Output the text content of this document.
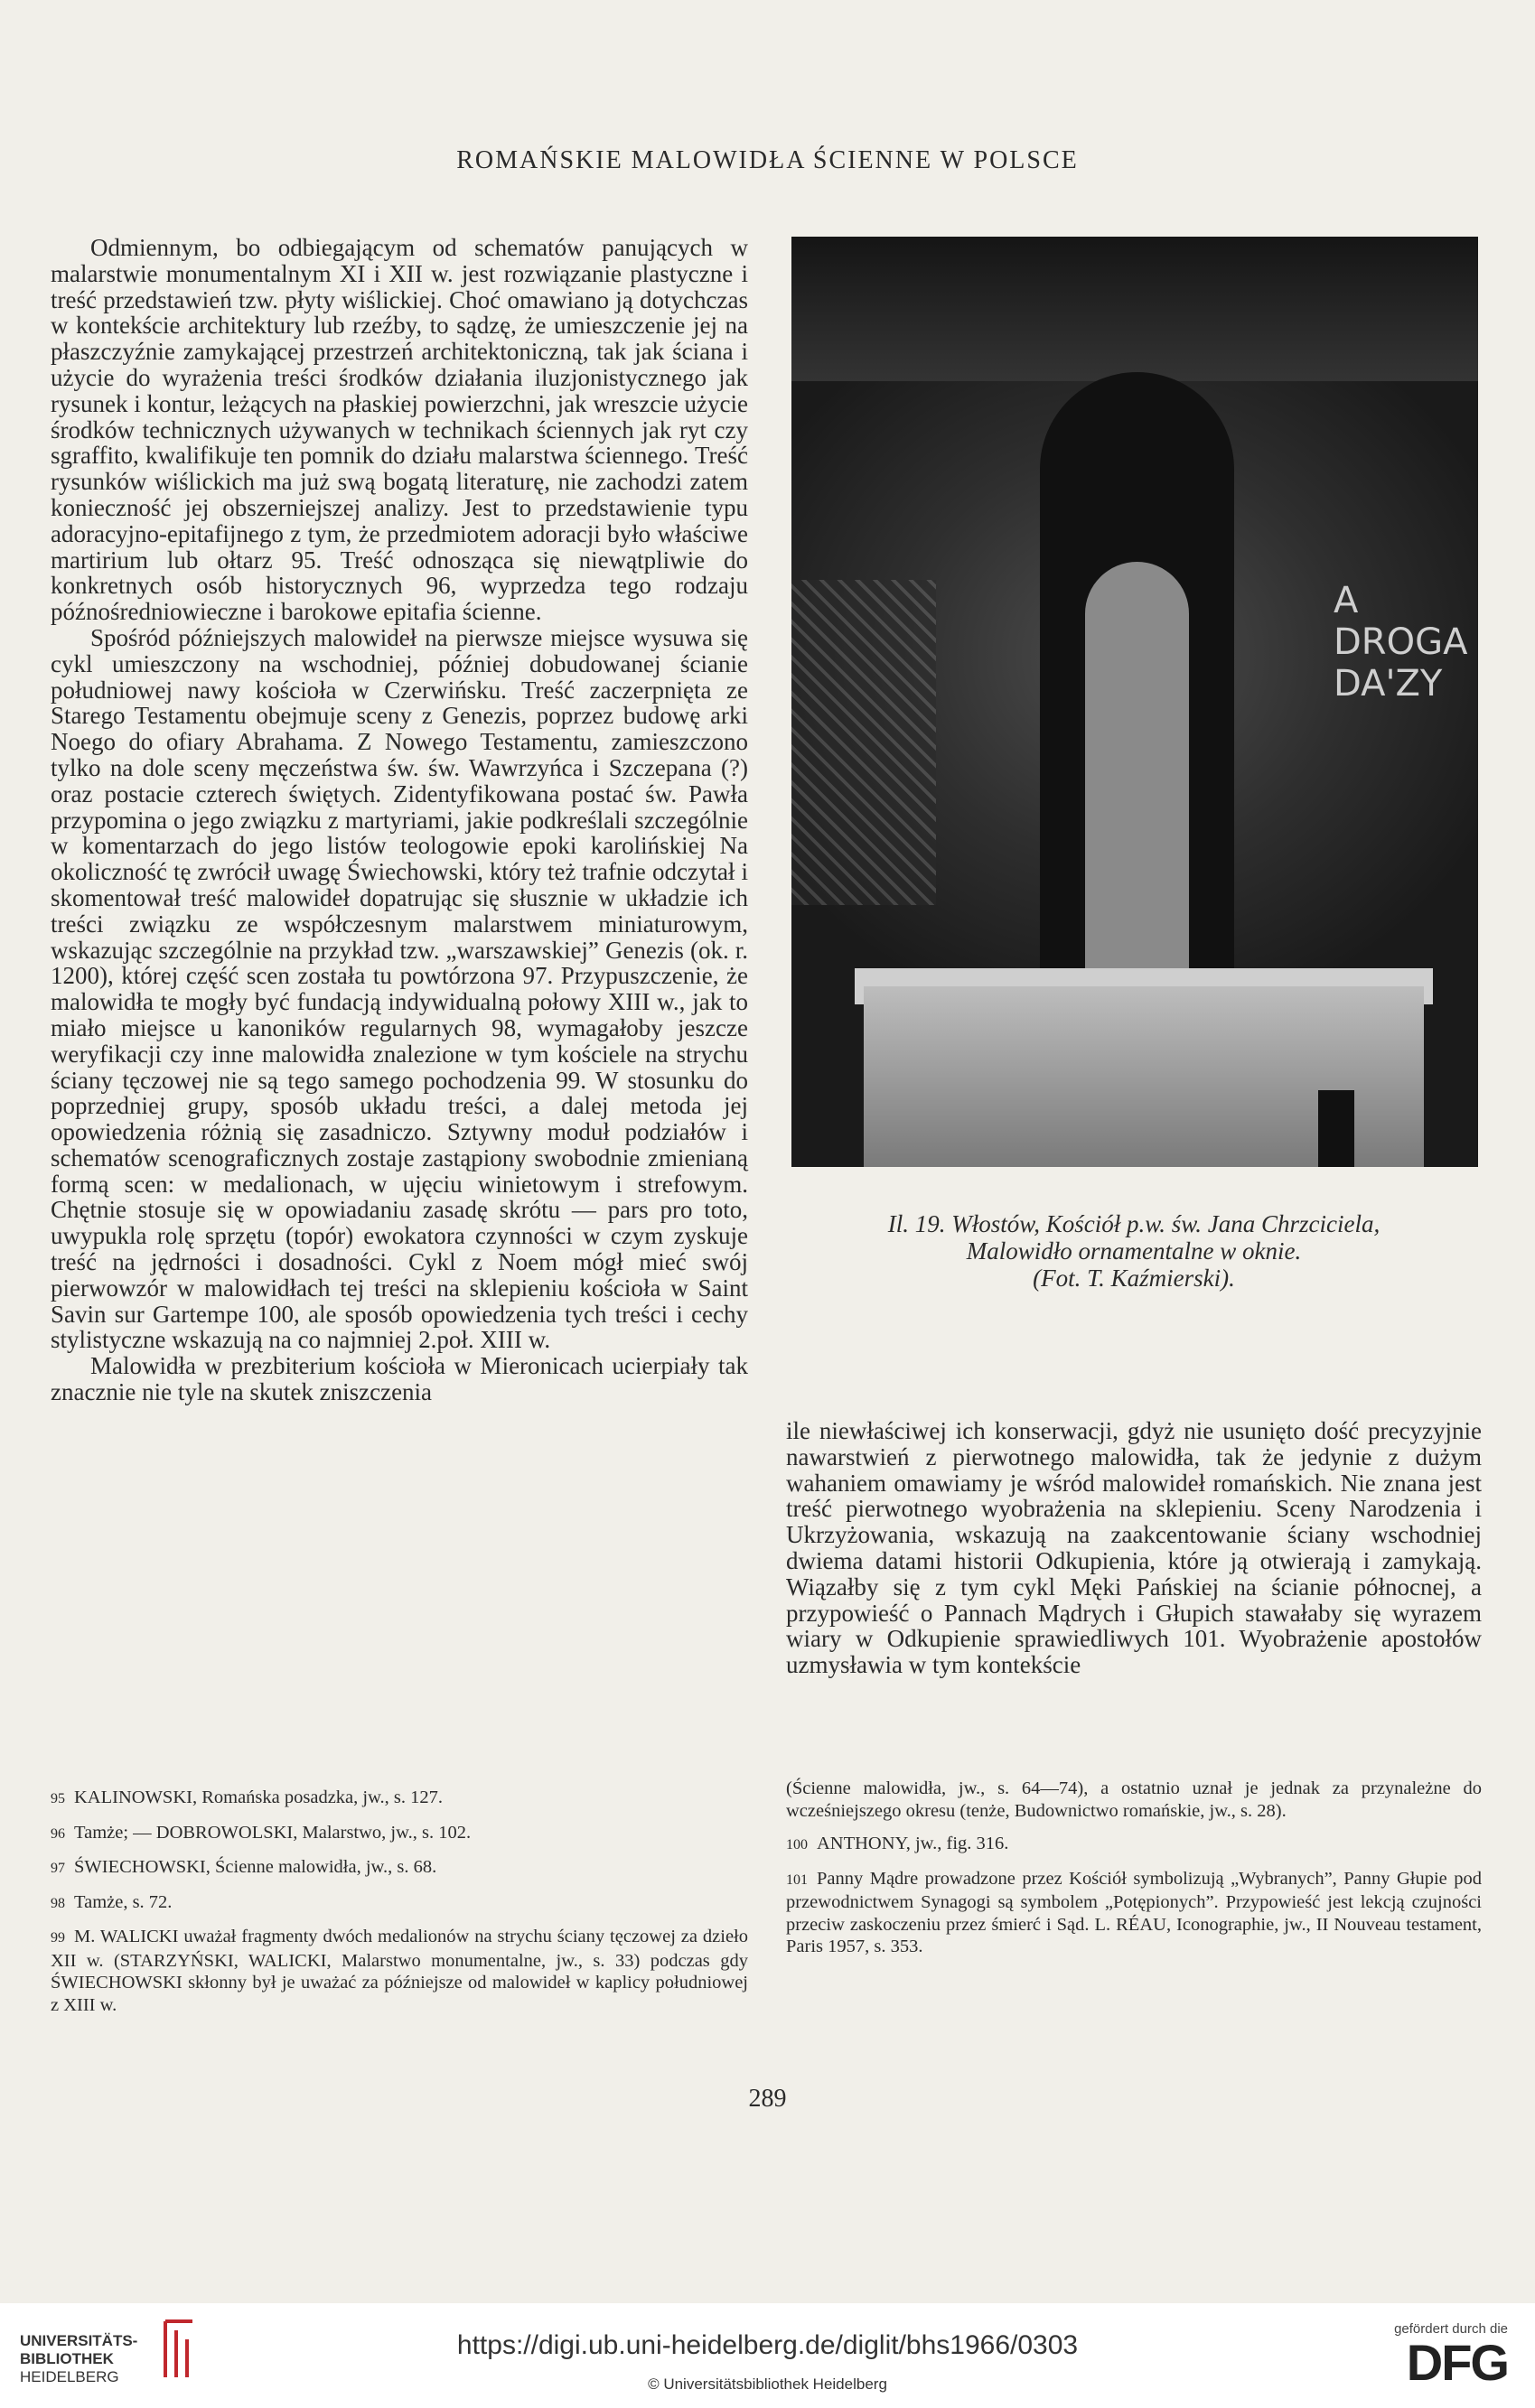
ROMAŃSKIE MALOWIDŁA ŚCIENNE W POLSCE

Odmiennym, bo odbiegającym od schematów panujących w malarstwie monumentalnym XI i XII w. jest rozwiązanie plastyczne i treść przedstawień tzw. płyty wiślickiej. Choć omawiano ją dotychczas w kontekście architektury lub rzeźby, to sądzę, że umieszczenie jej na płaszczyźnie zamykającej przestrzeń architektoniczną, tak jak ściana i użycie do wyrażenia treści środków działania iluzjonistycznego jak rysunek i kontur, leżących na płaskiej powierzchni, jak wreszcie użycie środków technicznych używanych w technikach ściennych jak ryt czy sgraffito, kwalifikuje ten pomnik do działu malarstwa ściennego. Treść rysunków wiślickich ma już swą bogatą literaturę, nie zachodzi zatem konieczność jej obszerniejszej analizy. Jest to przedstawienie typu adoracyjno-epitafijnego z tym, że przedmiotem adoracji było właściwe martirium lub ołtarz 95. Treść odnosząca się niewątpliwie do konkretnych osób historycznych 96, wyprzedza tego rodzaju późnośredniowieczne i barokowe epitafia ścienne.

Spośród późniejszych malowideł na pierwsze miejsce wysuwa się cykl umieszczony na wschodniej, później dobudowanej ścianie południowej nawy kościoła w Czerwińsku. Treść zaczerpnięta ze Starego Testamentu obejmuje sceny z Genezis, poprzez budowę arki Noego do ofiary Abrahama. Z Nowego Testamentu, zamieszczono tylko na dole sceny męczeństwa św. św. Wawrzyńca i Szczepana (?) oraz postacie czterech świętych. Zidentyfikowana postać św. Pawła przypomina o jego związku z martyriami, jakie podkreślali szczególnie w komentarzach do jego listów teologowie epoki karolińskiej Na okoliczność tę zwrócił uwagę Świechowski, który też trafnie odczytał i skomentował treść malowideł dopatrując się słusznie w układzie ich treści związku ze współczesnym malarstwem miniaturowym, wskazując szczególnie na przykład tzw. „warszawskiej” Genezis (ok. r. 1200), której część scen została tu powtórzona 97. Przypuszczenie, że malowidła te mogły być fundacją indywidualną połowy XIII w., jak to miało miejsce u kanoników regularnych 98, wymagałoby jeszcze weryfikacji czy inne malowidła znalezione w tym kościele na strychu ściany tęczowej nie są tego samego pochodzenia 99. W stosunku do poprzedniej grupy, sposób układu treści, a dalej metoda jej opowiedzenia różnią się zasadniczo. Sztywny moduł podziałów i schematów scenograficznych zostaje zastąpiony swobodnie zmienianą formą scen: w medalionach, w ujęciu winietowym i strefowym. Chętnie stosuje się w opowiadaniu zasadę skrótu — pars pro toto, uwypukla rolę sprzętu (topór) ewokatora czynności w czym zyskuje treść na jędrności i dosadności. Cykl z Noem mógł mieć swój pierwowzór w malowidłach tej treści na sklepieniu kościoła w Saint Savin sur Gartempe 100, ale sposób opowiedzenia tych treści i cechy stylistyczne wskazują na co najmniej 2.poł. XIII w.

Malowidła w prezbiterium kościoła w Mieronicach ucierpiały tak znacznie nie tyle na skutek zniszczenia

A
DROGA
DA'ZY
Il. 19. Włostów, Kościół p.w. św. Jana Chrzciciela,
Malowidło ornamentalne w oknie.
(Fot. T. Kaźmierski).
ile niewłaściwej ich konserwacji, gdyż nie usunięto dość precyzyjnie nawarstwień z pierwotnego malowidła, tak że jedynie z dużym wahaniem omawiamy je wśród malowideł romańskich. Nie znana jest treść pierwotnego wyobrażenia na sklepieniu. Sceny Narodzenia i Ukrzyżowania, wskazują na zaakcentowanie ściany wschodniej dwiema datami historii Odkupienia, które ją otwierają i zamykają. Wiązałby się z tym cykl Męki Pańskiej na ścianie północnej, a przypowieść o Pannach Mądrych i Głupich stawałaby się wyrazem wiary w Odkupienie sprawiedliwych 101. Wyobrażenie apostołów uzmysławia w tym kontekście

95 KALINOWSKI, Romańska posadzka, jw., s. 127.

96 Tamże; — DOBROWOLSKI, Malarstwo, jw., s. 102.

97 ŚWIECHOWSKI, Ścienne malowidła, jw., s. 68.

98 Tamże, s. 72.

99 M. WALICKI uważał fragmenty dwóch medalionów na strychu ściany tęczowej za dzieło XII w. (STARZYŃSKI, WALICKI, Malarstwo monumentalne, jw., s. 33) podczas gdy ŚWIECHOWSKI skłonny był je uważać za późniejsze od malowideł w kaplicy południowej z XIII w.

(Ścienne malowidła, jw., s. 64—74), a ostatnio uznał je jednak za przynależne do wcześniejszego okresu (tenże, Budownictwo romańskie, jw., s. 28).

100 ANTHONY, jw., fig. 316.

101 Panny Mądre prowadzone przez Kościół symbolizują „Wybranych”, Panny Głupie pod przewodnictwem Synagogi są symbolem „Potępionych”. Przypowieść jest lekcją czujności przeciw zaskoczeniu przez śmierć i Sąd. L. RÉAU, Iconographie, jw., II Nouveau testament, Paris 1957, s. 353.

289
UNIVERSITÄTS-
BIBLIOTHEK
HEIDELBERG
https://digi.ub.uni-heidelberg.de/diglit/bhs1966/0303
© Universitätsbibliothek Heidelberg
gefördert durch die
DFG
